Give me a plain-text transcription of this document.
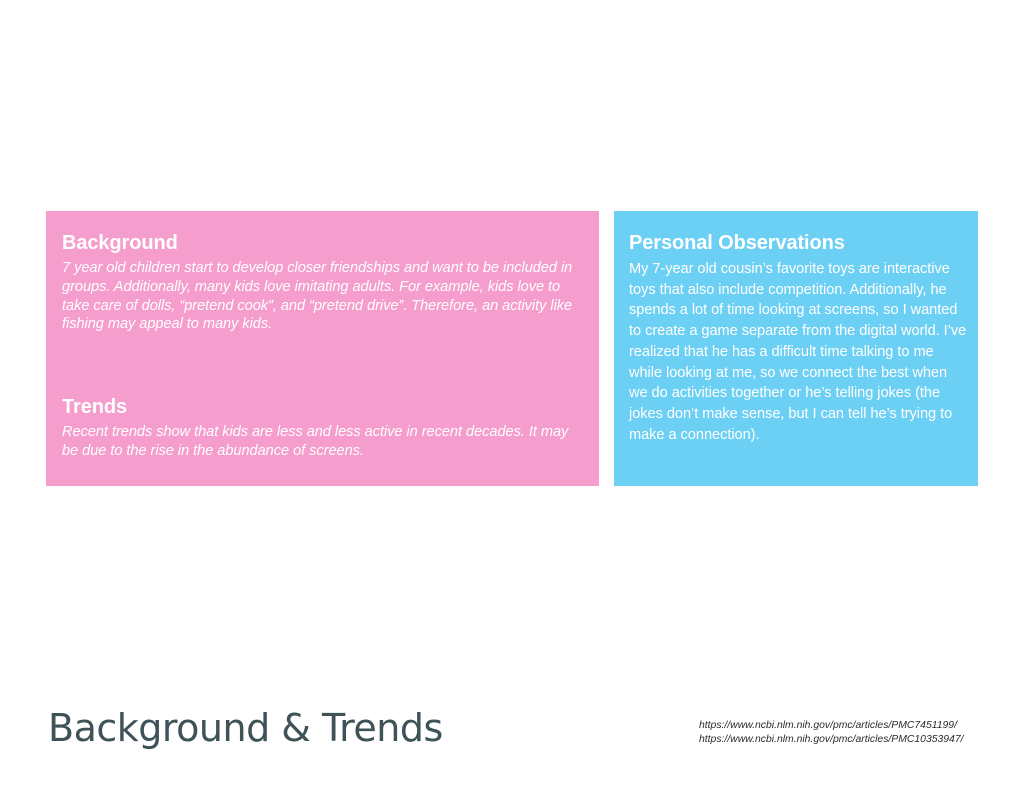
Background

7 year old children start to develop closer friendships and want to be included in groups. Additionally, many kids love imitating adults. For example, kids love to take care of dolls, “pretend cook”, and “pretend drive”. Therefore, an activity like fishing may appeal to many kids.

Trends

Recent trends show that kids are less and less active in recent decades. It may be due to the rise in the abundance of screens.

Personal Observations

My 7-year old cousin’s favorite toys are interactive toys that also include competition. Additionally, he spends a lot of time looking at screens, so I wanted to create a game separate from the digital world. I’ve realized that he has a difficult time talking to me while looking at me, so we connect the best when we do activities together or he’s telling jokes (the jokes don’t make sense, but I can tell he’s trying to make a connection).

Background & Trends	https://www.ncbi.nlm.nih.gov/pmc/articles/PMC7451199/
https://www.ncbi.nlm.nih.gov/pmc/articles/PMC10353947/
